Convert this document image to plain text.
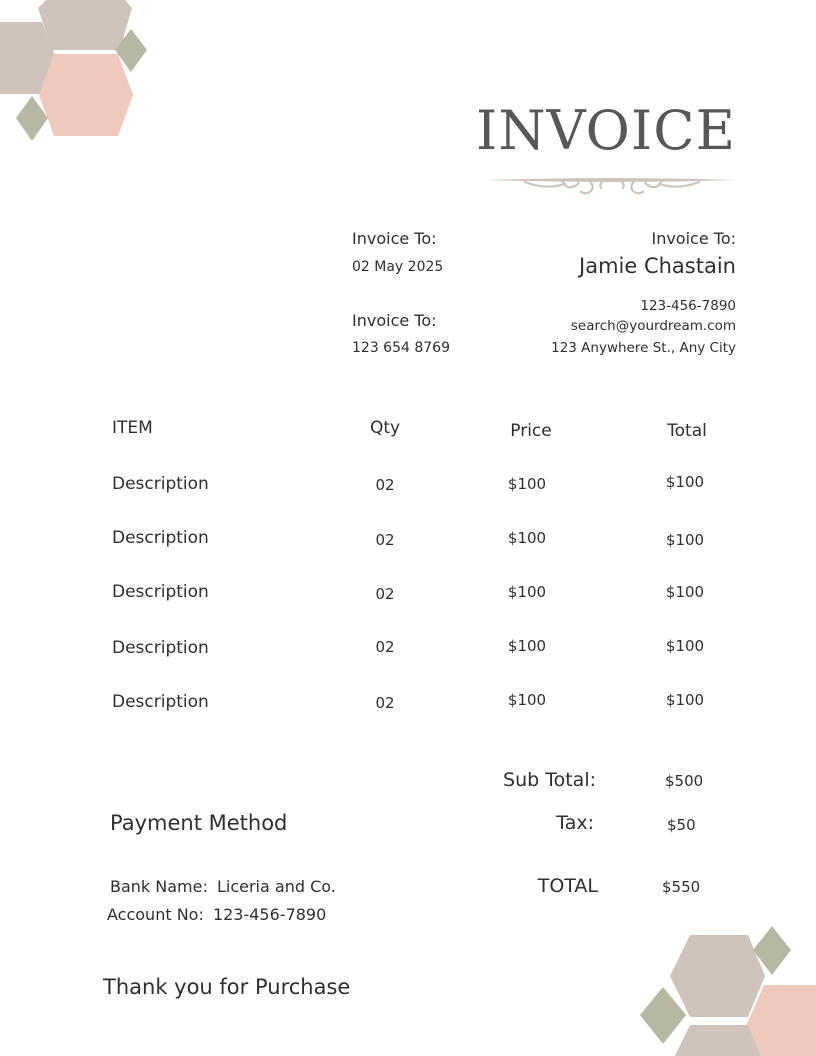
INVOICE
Invoice To:
02 May 2025
Invoice To:
123 654 8769
Invoice To:
Jamie Chastain
123-456-7890
search@yourdream.com
123 Anywhere St., Any City
ITEM	Qty	Price	Total
Description	02	$100	$100
Description	02	$100	$100
Description	02	$100	$100
Description	02	$100	$100
Description	02	$100	$100
Sub Total:	$500
Tax:	$50
TOTAL	$550
Payment Method
Bank Name: Liceria and Co.
Account No: 123-456-7890
Thank you for Purchase
